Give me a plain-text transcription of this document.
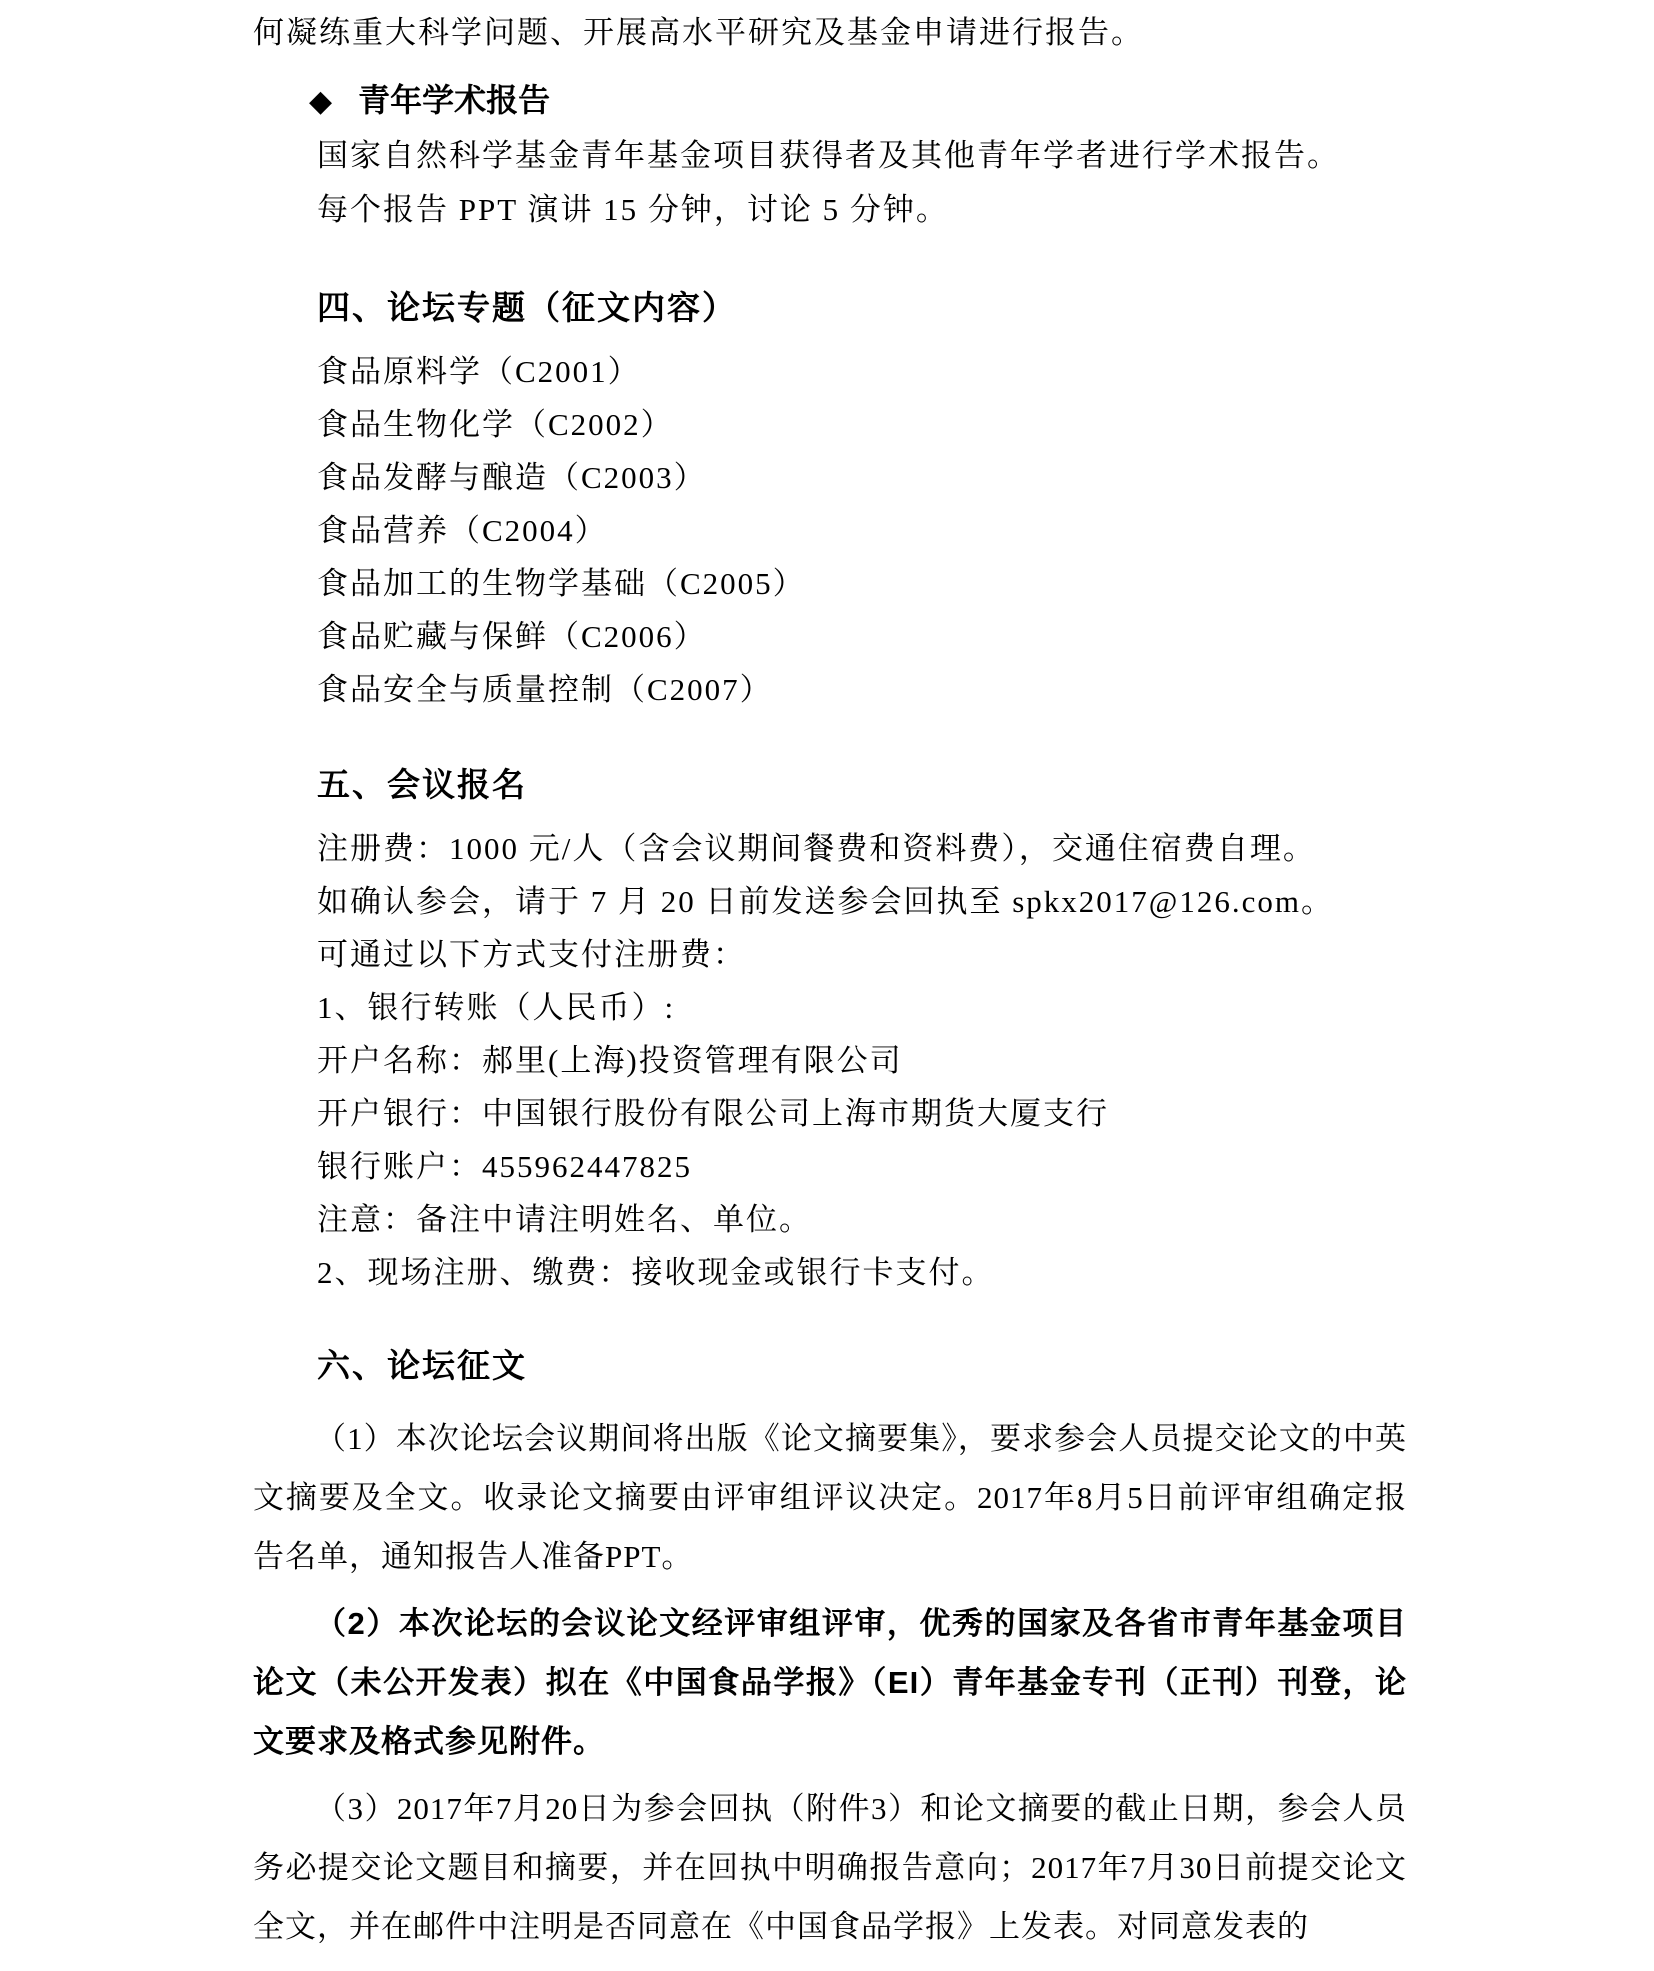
何凝练重大科学问题、开展高水平研究及基金申请进行报告。
◆ 青年学术报告
国家自然科学基金青年基金项目获得者及其他青年学者进行学术报告。
每个报告 PPT 演讲 15 分钟，讨论 5 分钟。
四、论坛专题（征文内容）
食品原料学（C2001）
食品生物化学（C2002）
食品发酵与酿造（C2003）
食品营养（C2004）
食品加工的生物学基础（C2005）
食品贮藏与保鲜（C2006）
食品安全与质量控制（C2007）
五、会议报名
注册费：1000 元/人（含会议期间餐费和资料费），交通住宿费自理。
如确认参会，请于 7 月 20 日前发送参会回执至 spkx2017@126.com。
可通过以下方式支付注册费：
1、银行转账（人民币）:
开户名称：郝里(上海)投资管理有限公司
开户银行：中国银行股份有限公司上海市期货大厦支行
银行账户：455962447825
注意：备注中请注明姓名、单位。
2、现场注册、缴费：接收现金或银行卡支付。
六、论坛征文

（1）本次论坛会议期间将出版《论文摘要集》，要求参会人员提交论文的中英文摘要及全文。收录论文摘要由评审组评议决定。2017年8月5日前评审组确定报告名单，通知报告人准备PPT。

（2）本次论坛的会议论文经评审组评审，优秀的国家及各省市青年基金项目论文（未公开发表）拟在《中国食品学报》（EI）青年基金专刊（正刊）刊登，论文要求及格式参见附件。

（3）2017年7月20日为参会回执（附件3）和论文摘要的截止日期，参会人员务必提交论文题目和摘要，并在回执中明确报告意向；2017年7月30日前提交论文全文，并在邮件中注明是否同意在《中国食品学报》上发表。对同意发表的
